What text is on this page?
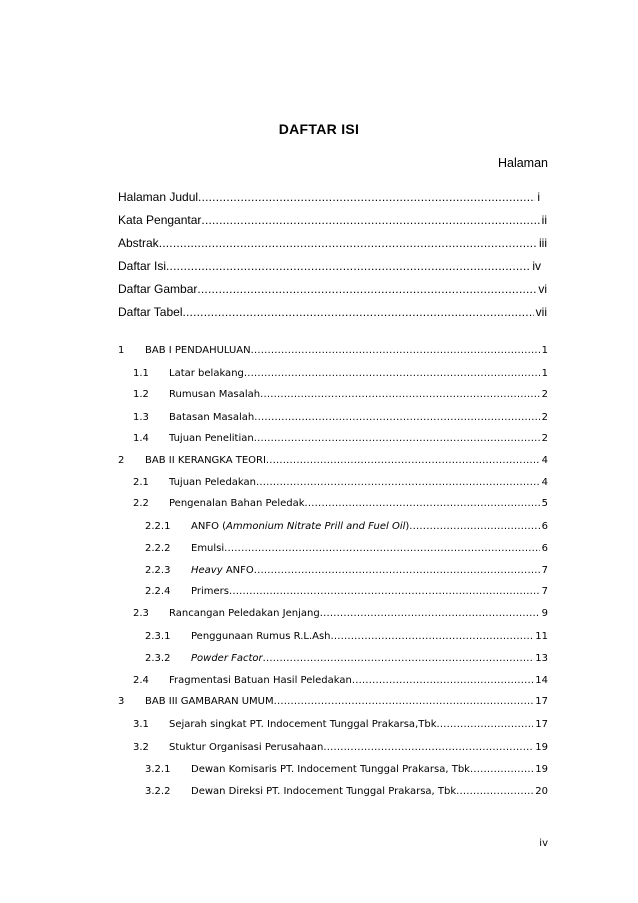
DAFTAR ISI
Halaman
Halaman Judul .....	i
Kata Pengantar .....	ii
Abstrak .....	iii
Daftar Isi .....	iv
Daftar Gambar .....	vi
Daftar Tabel .....	vii
1	BAB I PENDAHULUAN .....	1
1.1	Latar belakang .....	1
1.2	Rumusan Masalah .....	2
1.3	Batasan Masalah .....	2
1.4	Tujuan Penelitian .....	2
2	BAB II KERANGKA TEORI .....	4
2.1	Tujuan Peledakan .....	4
2.2	Pengenalan Bahan Peledak .....	5
2.2.1	ANFO (Ammonium Nitrate Prill and Fuel Oil) .....	6
2.2.2	Emulsi .....	6
2.2.3	Heavy ANFO .....	7
2.2.4	Primers .....	7
2.3	Rancangan Peledakan Jenjang .....	9
2.3.1	Penggunaan Rumus R.L.Ash .....	11
2.3.2	Powder Factor .....	13
2.4	Fragmentasi Batuan Hasil Peledakan .....	14
3	BAB III GAMBARAN UMUM .....	17
3.1	Sejarah singkat PT. Indocement Tunggal Prakarsa,Tbk .....	17
3.2	Stuktur Organisasi Perusahaan .....	19
3.2.1	Dewan Komisaris PT. Indocement Tunggal Prakarsa, Tbk .....	19
3.2.2	Dewan Direksi PT. Indocement Tunggal Prakarsa, Tbk .....	20
iv
